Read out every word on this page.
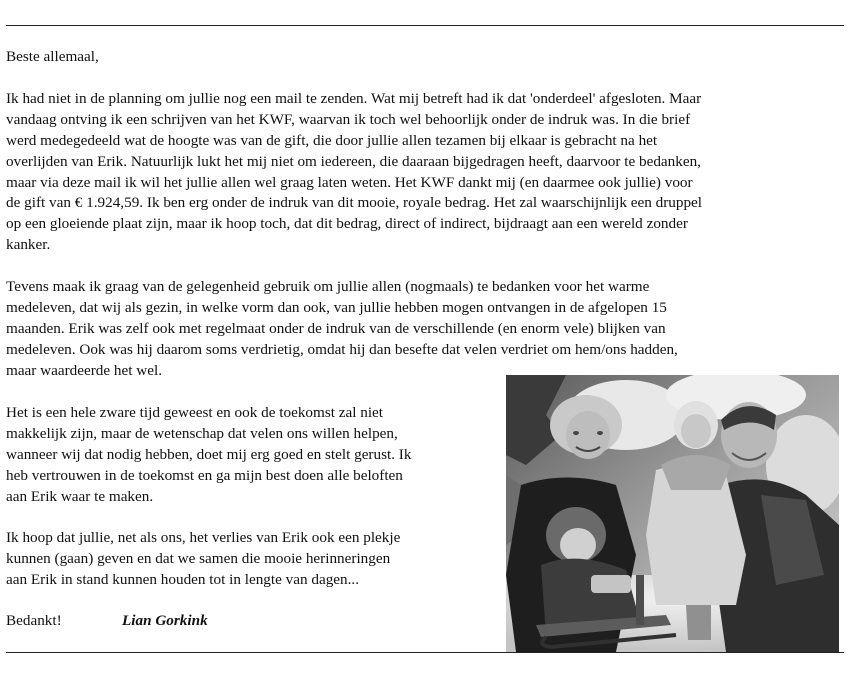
Beste allemaal,
Ik had niet in de planning om jullie nog een mail te zenden. Wat mij betreft had ik dat 'onderdeel' afgesloten. Maar
vandaag ontving ik een schrijven van het KWF, waarvan ik toch wel behoorlijk onder de indruk was. In die brief
werd medegedeeld wat de hoogte was van de gift, die door jullie allen tezamen bij elkaar is gebracht na het
overlijden van Erik. Natuurlijk lukt het mij niet om iedereen, die daaraan bijgedragen heeft, daarvoor te bedanken,
maar via deze mail ik wil het jullie allen wel graag laten weten. Het KWF dankt mij (en daarmee ook jullie) voor
de gift van € 1.924,59. Ik ben erg onder de indruk van dit mooie, royale bedrag. Het zal waarschijnlijk een druppel
op een gloeiende plaat zijn, maar ik hoop toch, dat dit bedrag, direct of indirect, bijdraagt aan een wereld zonder
kanker.
Tevens maak ik graag van de gelegenheid gebruik om jullie allen (nogmaals) te bedanken voor het warme
medeleven, dat wij als gezin, in welke vorm dan ook, van jullie hebben mogen ontvangen in de afgelopen 15
maanden. Erik was zelf ook met regelmaat onder de indruk van de verschillende (en enorm vele) blijken van
medeleven. Ook was hij daarom soms verdrietig, omdat hij dan besefte dat velen verdriet om hem/ons hadden,
maar waardeerde het wel.
Het is een hele zware tijd geweest en ook de toekomst zal niet
makkelijk zijn, maar de wetenschap dat velen ons willen helpen,
wanneer wij dat nodig hebben, doet mij erg goed en stelt gerust. Ik
heb vertrouwen in de toekomst en ga mijn best doen alle beloften
aan Erik waar te maken.
Ik hoop dat jullie, net als ons, het verlies van Erik ook een plekje
kunnen (gaan) geven en dat we samen die mooie herinneringen
aan Erik in stand kunnen houden tot in lengte van dagen...
Bedankt!	Lian Gorkink
